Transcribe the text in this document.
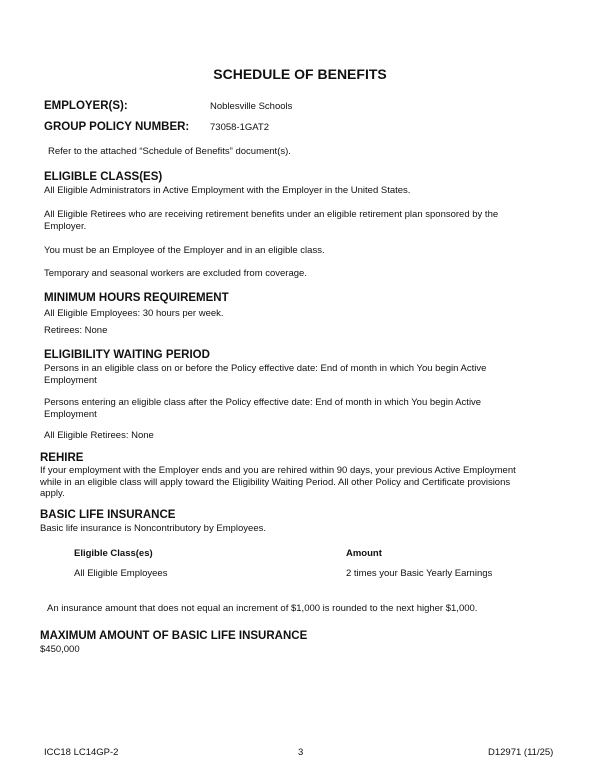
SCHEDULE OF BENEFITS
EMPLOYER(S):	Noblesville Schools
GROUP POLICY NUMBER: 73058-1GAT2
Refer to the attached “Schedule of Benefits” document(s).
ELIGIBLE CLASS(ES)
All Eligible Administrators in Active Employment with the Employer in the United States.
All Eligible Retirees who are receiving retirement benefits under an eligible retirement plan sponsored by the Employer.
You must be an Employee of the Employer and in an eligible class.
Temporary and seasonal workers are excluded from coverage.
MINIMUM HOURS REQUIREMENT
All Eligible Employees: 30 hours per week.
Retirees: None
ELIGIBILITY WAITING PERIOD
Persons in an eligible class on or before the Policy effective date: End of month in which You begin Active Employment
Persons entering an eligible class after the Policy effective date: End of month in which You begin Active Employment
All Eligible Retirees: None
REHIRE
If your employment with the Employer ends and you are rehired within 90 days, your previous Active Employment while in an eligible class will apply toward the Eligibility Waiting Period. All other Policy and Certificate provisions apply.
BASIC LIFE INSURANCE
Basic life insurance is Noncontributory by Employees.
Eligible Class(es)	Amount
All Eligible Employees	2 times your Basic Yearly Earnings
An insurance amount that does not equal an increment of $1,000 is rounded to the next higher $1,000.
MAXIMUM AMOUNT OF BASIC LIFE INSURANCE
$450,000
ICC18 LC14GP-2	3	D12971 (11/25)
